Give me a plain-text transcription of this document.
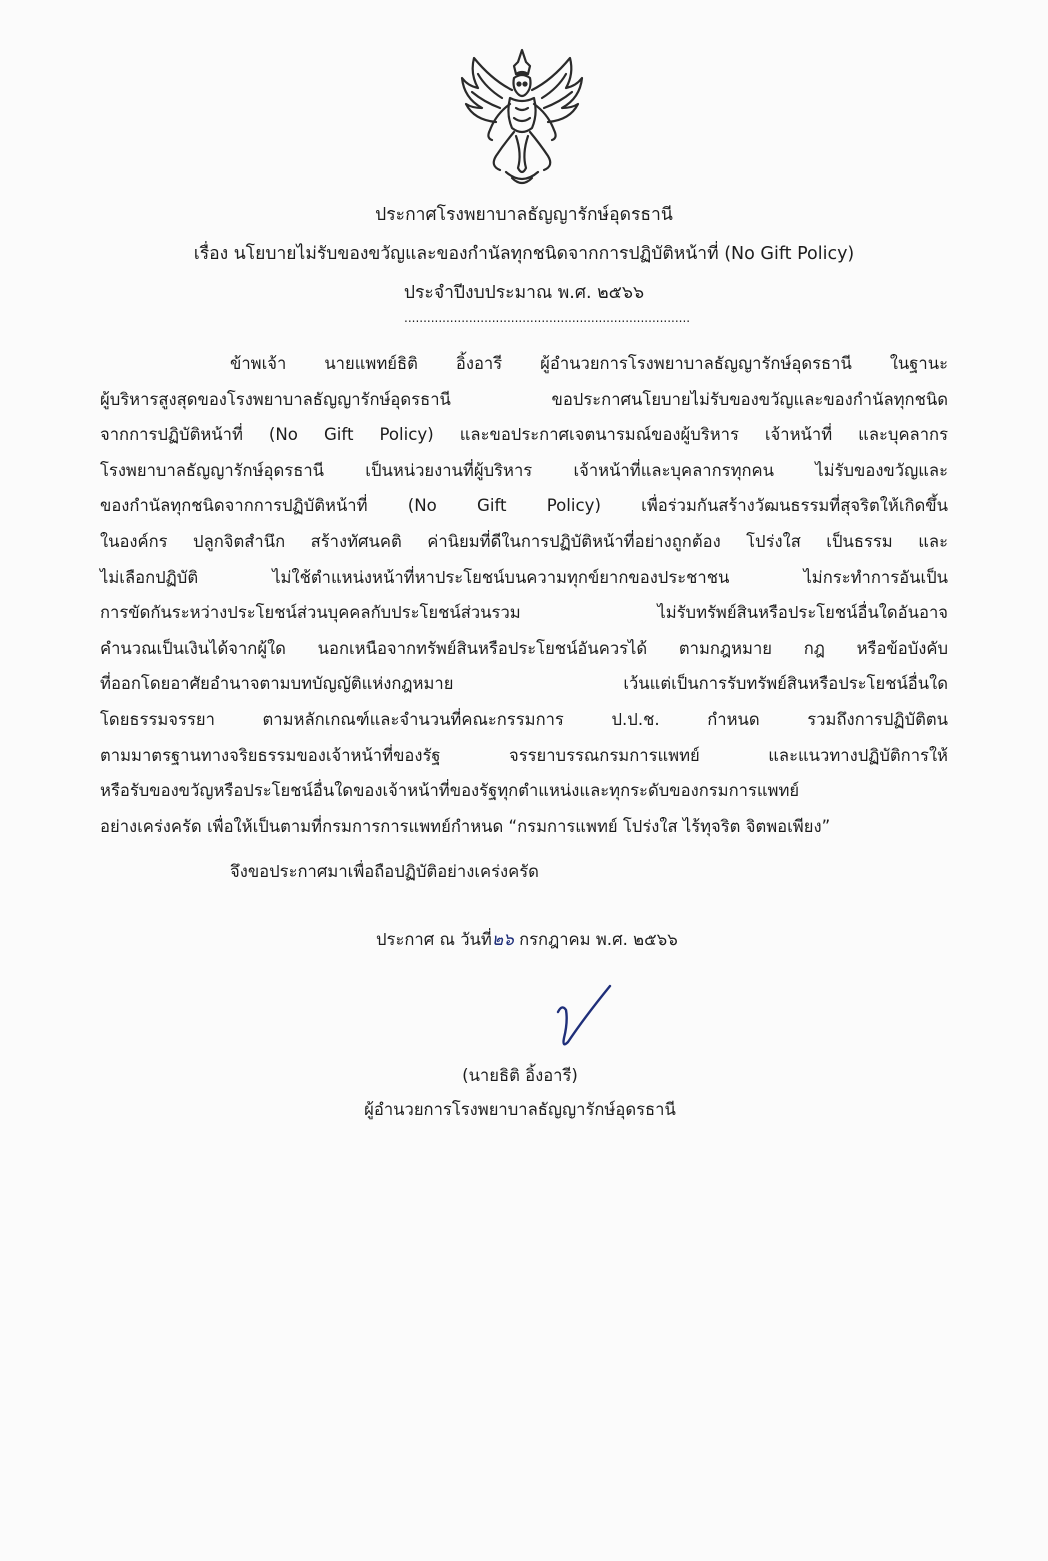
ประกาศโรงพยาบาลธัญญารักษ์อุดรธานี
เรื่อง นโยบายไม่รับของขวัญและของกำนัลทุกชนิดจากการปฏิบัติหน้าที่ (No Gift Policy)
ประจำปีงบประมาณ พ.ศ. ๒๕๖๖
...........................................................................
ข้าพเจ้า นายแพทย์ธิติ อิ้งอารี ผู้อำนวยการโรงพยาบาลธัญญารักษ์อุดรธานี ในฐานะ
ผู้บริหารสูงสุดของโรงพยาบาลธัญญารักษ์อุดรธานี ขอประกาศนโยบายไม่รับของขวัญและของกำนัลทุกชนิด
จากการปฏิบัติหน้าที่ (No Gift Policy) และขอประกาศเจตนารมณ์ของผู้บริหาร เจ้าหน้าที่ และบุคลากร
โรงพยาบาลธัญญารักษ์อุดรธานี เป็นหน่วยงานที่ผู้บริหาร เจ้าหน้าที่และบุคลากรทุกคน ไม่รับของขวัญและ
ของกำนัลทุกชนิดจากการปฏิบัติหน้าที่ (No Gift Policy) เพื่อร่วมกันสร้างวัฒนธรรมที่สุจริตให้เกิดขึ้น
ในองค์กร ปลูกจิตสำนึก สร้างทัศนคติ ค่านิยมที่ดีในการปฏิบัติหน้าที่อย่างถูกต้อง โปร่งใส เป็นธรรม และ
ไม่เลือกปฏิบัติ ไม่ใช้ตำแหน่งหน้าที่หาประโยชน์บนความทุกข์ยากของประชาชน ไม่กระทำการอันเป็น
การขัดกันระหว่างประโยชน์ส่วนบุคคลกับประโยชน์ส่วนรวม ไม่รับทรัพย์สินหรือประโยชน์อื่นใดอันอาจ
คำนวณเป็นเงินได้จากผู้ใด นอกเหนือจากทรัพย์สินหรือประโยชน์อันควรได้ ตามกฎหมาย กฎ หรือข้อบังคับ
ที่ออกโดยอาศัยอำนาจตามบทบัญญัติแห่งกฎหมาย เว้นแต่เป็นการรับทรัพย์สินหรือประโยชน์อื่นใด
โดยธรรมจรรยา ตามหลักเกณฑ์และจำนวนที่คณะกรรมการ ป.ป.ช. กำหนด รวมถึงการปฏิบัติตน
ตามมาตรฐานทางจริยธรรมของเจ้าหน้าที่ของรัฐ จรรยาบรรณกรมการแพทย์ และแนวทางปฏิบัติการให้
หรือรับของขวัญหรือประโยชน์อื่นใดของเจ้าหน้าที่ของรัฐทุกตำแหน่งและทุกระดับของกรมการแพทย์
อย่างเคร่งครัด เพื่อให้เป็นตามที่กรมการการแพทย์กำหนด “กรมการแพทย์ โปร่งใส ไร้ทุจริต จิตพอเพียง”
จึงขอประกาศมาเพื่อถือปฏิบัติอย่างเคร่งครัด
ประกาศ ณ วันที่๒๖ กรกฎาคม พ.ศ. ๒๕๖๖
(นายธิติ อิ้งอารี)
ผู้อำนวยการโรงพยาบาลธัญญารักษ์อุดรธานี
